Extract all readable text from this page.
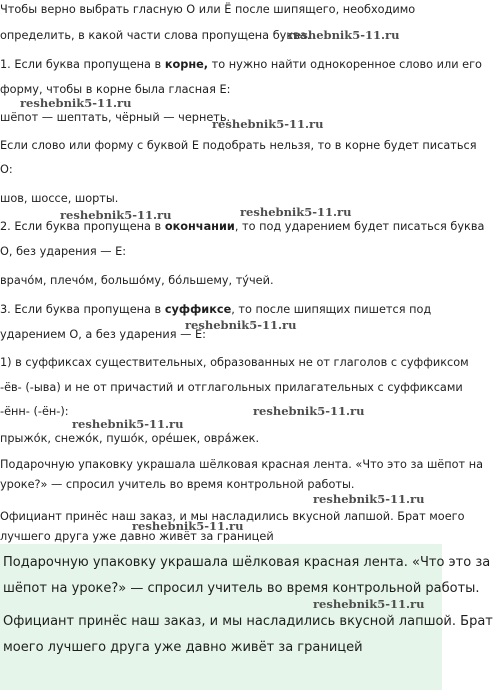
Чтобы верно выбрать гласную О или Ё после шипящего, необходимо
определить, в какой части слова пропущена буква.
1. Если буква пропущена в корне, то нужно найти однокоренное слово или его
форму, чтобы в корне была гласная Е:
шёпот — шептать, чёрный — чернеть.
Если слово или форму с буквой Е подобрать нельзя, то в корне будет писаться
О:
шов, шоссе, шорты.
2. Если буква пропущена в окончании, то под ударением будет писаться буква
О, без ударения — Е:
врачо́м, плечо́м, большо́му, бо́льшему, ту́чей.
3. Если буква пропущена в суффиксе, то после шипящих пишется под
ударением О, а без ударения — Е:
1) в суффиксах существительных, образованных не от глаголов с суффиксом
-ёв- (-ыва) и не от причастий и отглагольных прилагательных с суффиксами
-ённ- (-ён-):
прыжо́к, снежо́к, пушо́к, оре́шек, овра́жек.
Подарочную упаковку украшала шёлковая красная лента. «Что это за шёпот на
уроке?» — спросил учитель во время контрольной работы.
Официант принёс наш заказ, и мы насладились вкусной лапшой. Брат моего
лучшего друга уже давно живёт за границей
Подарочную упаковку украшала шёлковая красная лента. «Что это за
шёпот на уроке?» — спросил учитель во время контрольной работы.
Официант принёс наш заказ, и мы насладились вкусной лапшой. Брат
моего лучшего друга уже давно живёт за границей
reshebnik5-11.ru
reshebnik5-11.ru
reshebnik5-11.ru
reshebnik5-11.ru	reshebnik5-11.ru
reshebnik5-11.ru
reshebnik5-11.ru
reshebnik5-11.ru
reshebnik5-11.ru
reshebnik5-11.ru
reshebnik5-11.ru
